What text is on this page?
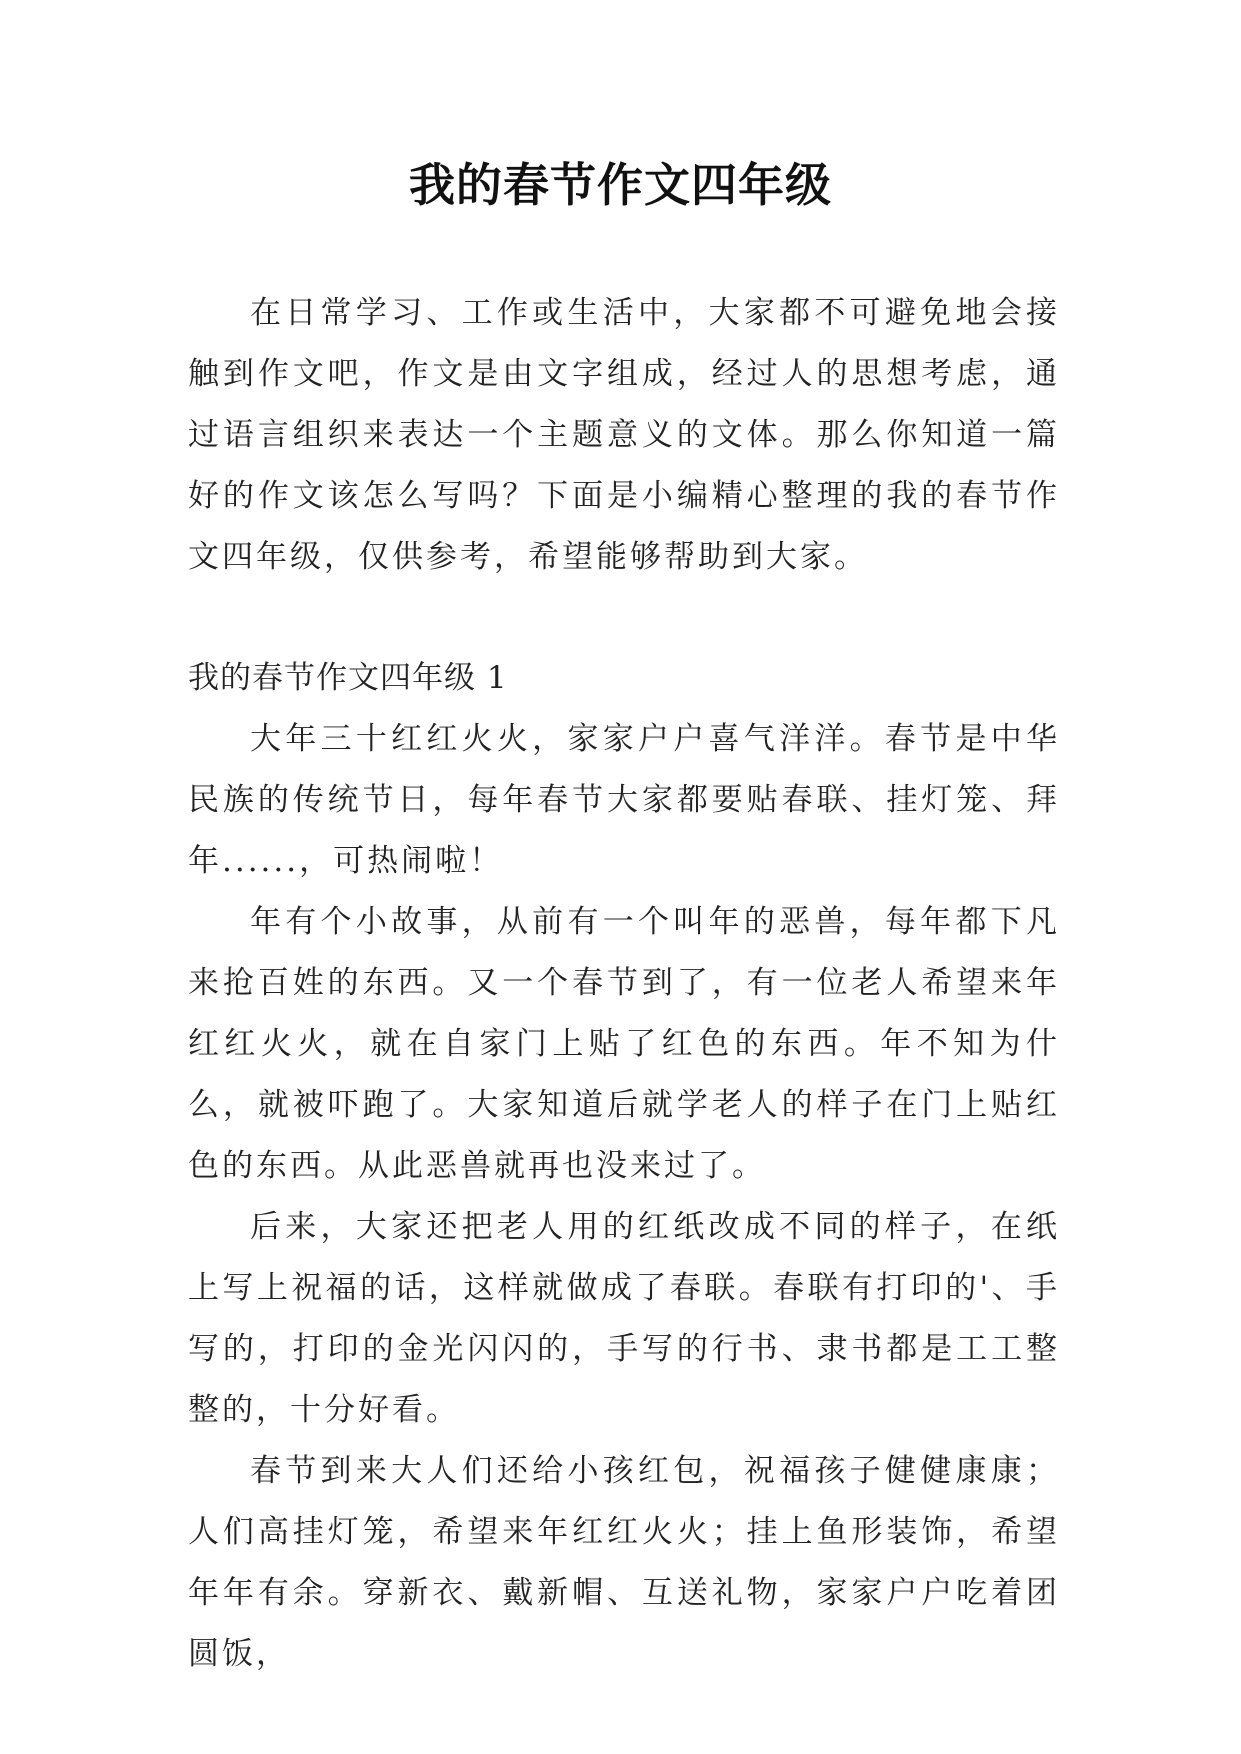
我的春节作文四年级

在日常学习、工作或生活中，大家都不可避免地会接触到作文吧，作文是由文字组成，经过人的思想考虑，通过语言组织来表达一个主题意义的文体。那么你知道一篇好的作文该怎么写吗？下面是小编精心整理的我的春节作文四年级，仅供参考，希望能够帮助到大家。

我的春节作文四年级 1

大年三十红红火火，家家户户喜气洋洋。春节是中华民族的传统节日，每年春节大家都要贴春联、挂灯笼、拜年......，可热闹啦！

年有个小故事，从前有一个叫年的恶兽，每年都下凡来抢百姓的东西。又一个春节到了，有一位老人希望来年红红火火，就在自家门上贴了红色的东西。年不知为什么，就被吓跑了。大家知道后就学老人的样子在门上贴红色的东西。从此恶兽就再也没来过了。

后来，大家还把老人用的红纸改成不同的样子，在纸上写上祝福的话，这样就做成了春联。春联有打印的'、手写的，打印的金光闪闪的，手写的行书、隶书都是工工整整的，十分好看。

春节到来大人们还给小孩红包，祝福孩子健健康康；人们高挂灯笼，希望来年红红火火；挂上鱼形装饰，希望年年有余。穿新衣、戴新帽、互送礼物，家家户户吃着团圆饭，
